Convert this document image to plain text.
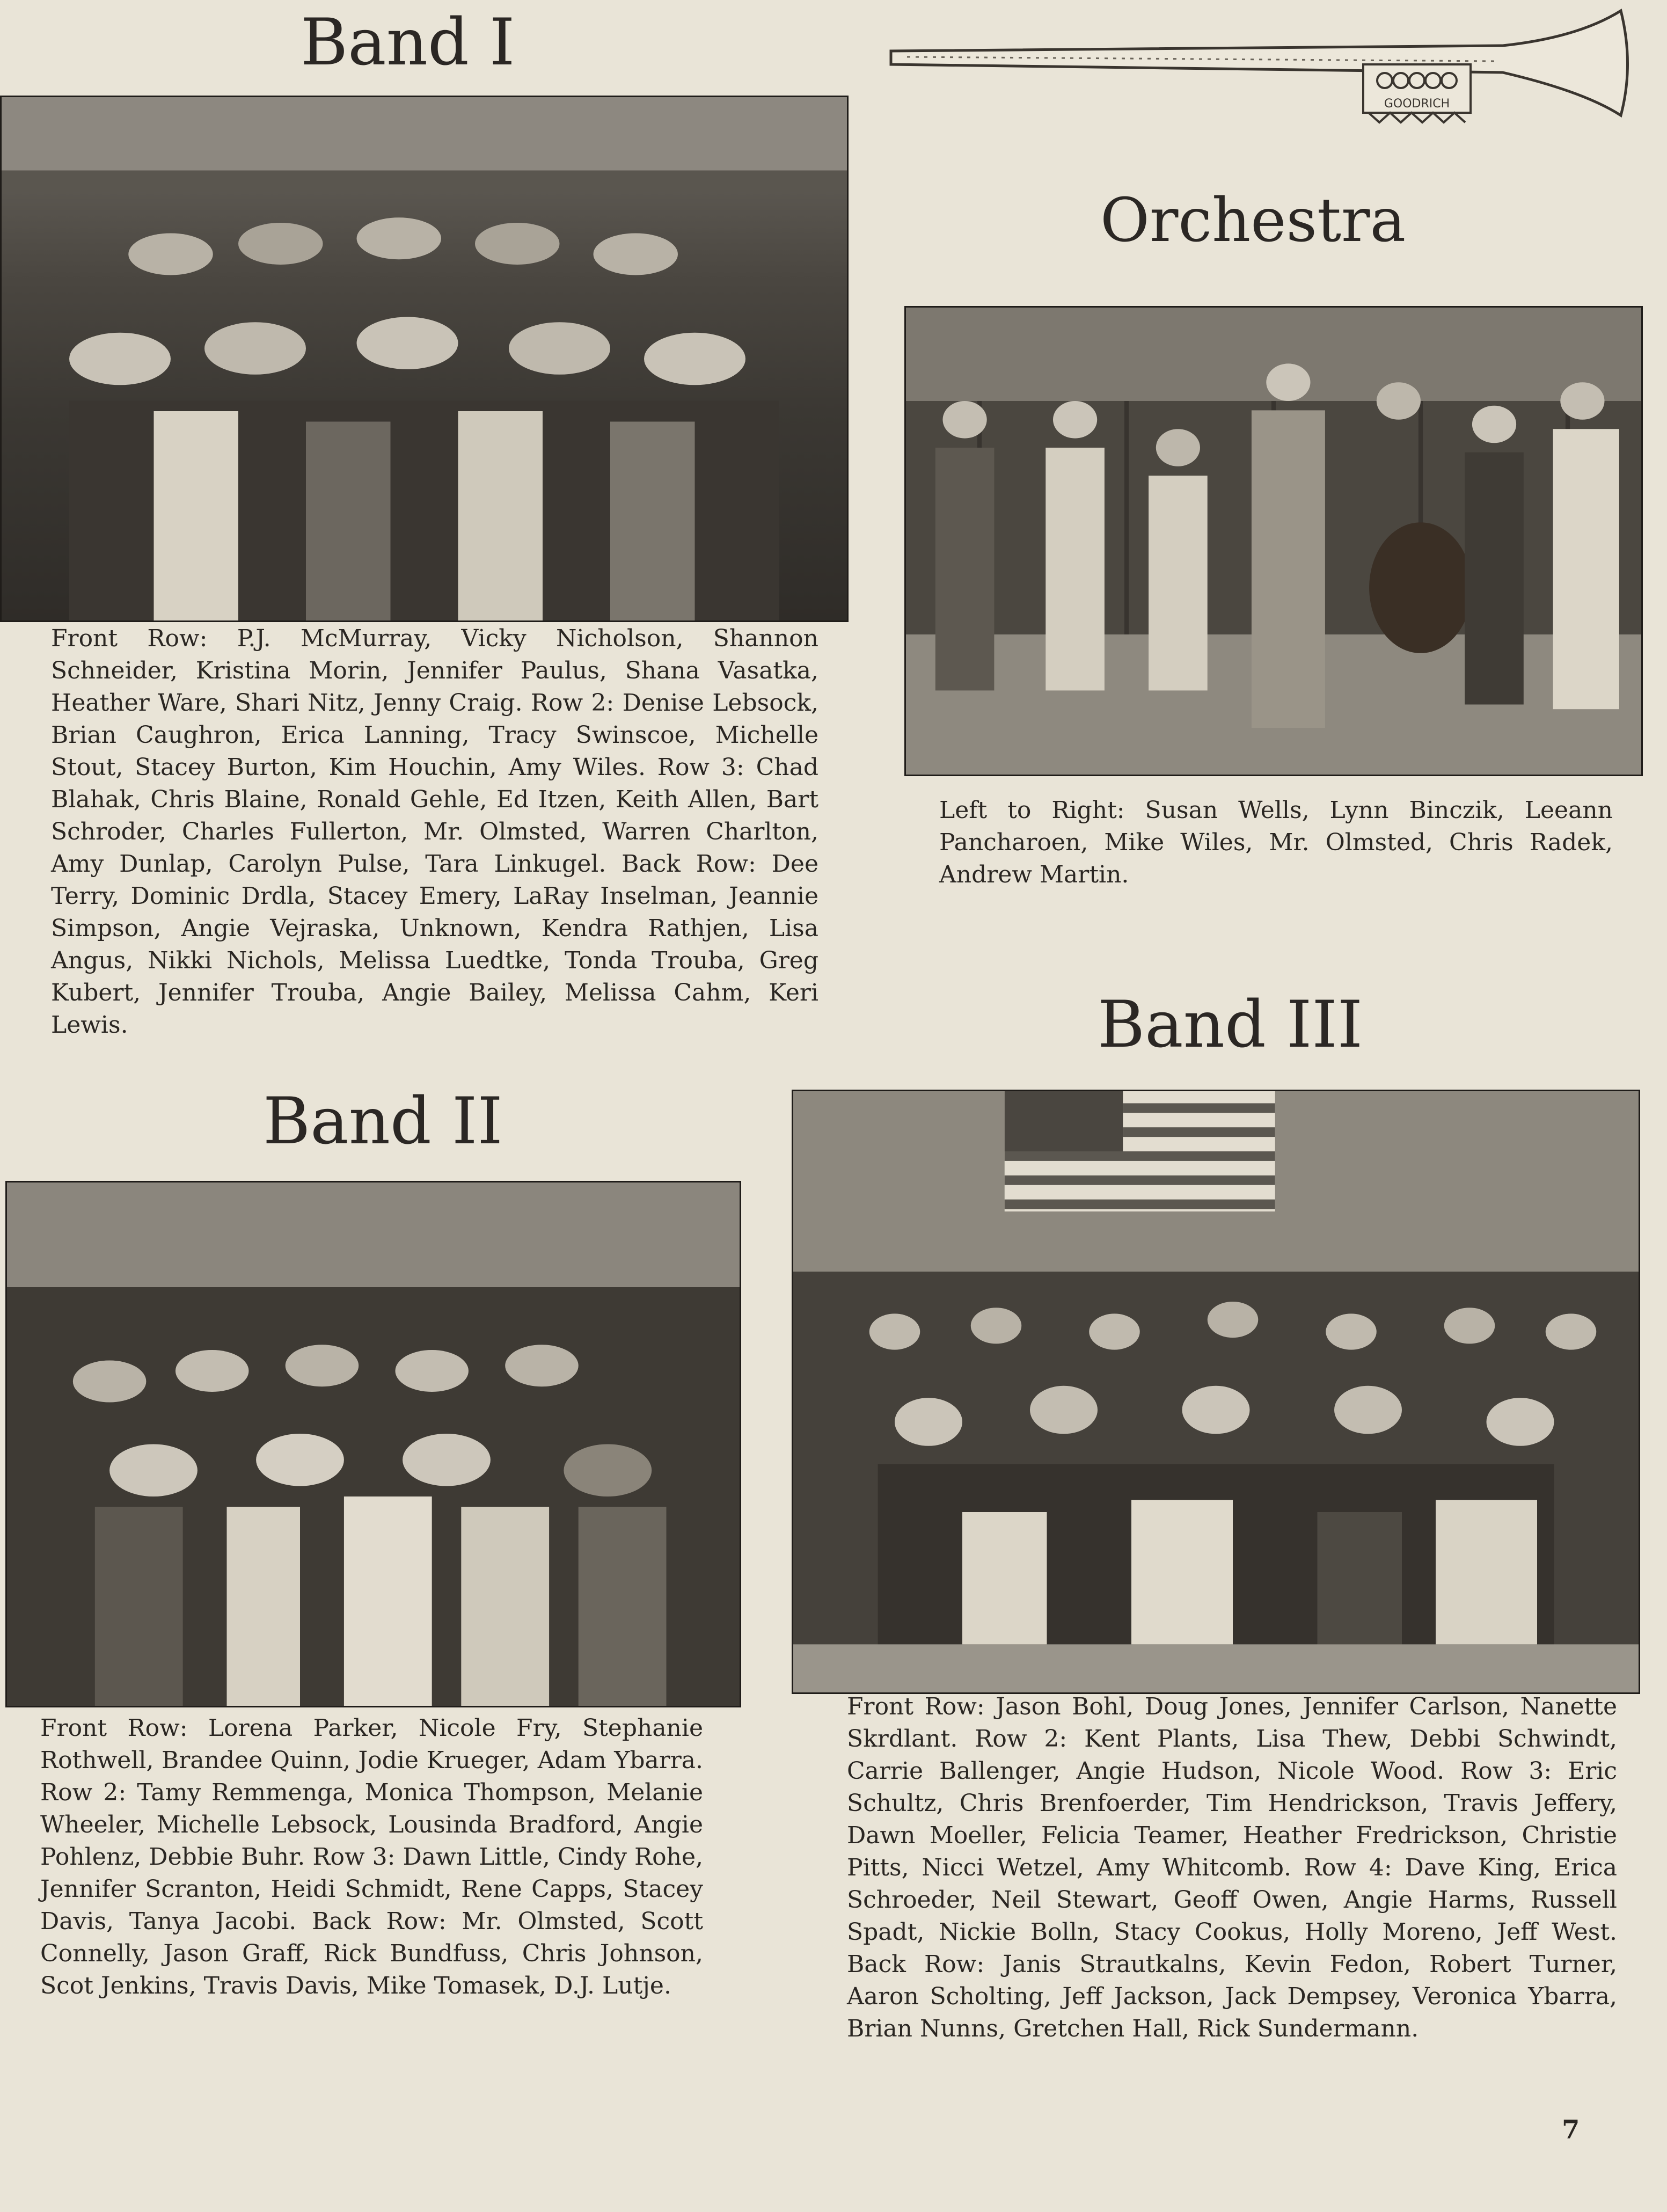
Band I
GOODRICH

Front Row: P.J. McMurray, Vicky Nicholson, Shannon Schneider, Kristina Morin, Jennifer Paulus, Shana Vasatka, Heather Ware, Shari Nitz, Jenny Craig. Row 2: Denise Lebsock, Brian Caughron, Erica Lanning, Tracy Swinscoe, Michelle Stout, Stacey Burton, Kim Houchin, Amy Wiles. Row 3: Chad Blahak, Chris Blaine, Ronald Gehle, Ed Itzen, Keith Allen, Bart Schroder, Charles Fullerton, Mr. Olmsted, Warren Charlton, Amy Dunlap, Carolyn Pulse, Tara Linkugel. Back Row: Dee Terry, Dominic Drdla, Stacey Emery, LaRay Inselman, Jeannie Simpson, Angie Vejraska, Unknown, Kendra Rathjen, Lisa Angus, Nikki Nichols, Melissa Luedtke, Tonda Trouba, Greg Kubert, Jennifer Trouba, Angie Bailey, Melissa Cahm, Keri Lewis.

Orchestra

Left to Right: Susan Wells, Lynn Binczik, Leeann Pancharoen, Mike Wiles, Mr. Olmsted, Chris Radek, Andrew Martin.

Band III
Band II

Front Row: Lorena Parker, Nicole Fry, Stephanie Rothwell, Brandee Quinn, Jodie Krueger, Adam Ybarra. Row 2: Tamy Remmenga, Monica Thompson, Melanie Wheeler, Michelle Lebsock, Lousinda Bradford, Angie Pohlenz, Debbie Buhr. Row 3: Dawn Little, Cindy Rohe, Jennifer Scranton, Heidi Schmidt, Rene Capps, Stacey Davis, Tanya Jacobi. Back Row: Mr. Olmsted, Scott Connelly, Jason Graff, Rick Bundfuss, Chris Johnson, Scot Jenkins, Travis Davis, Mike Tomasek, D.J. Lutje.

Front Row: Jason Bohl, Doug Jones, Jennifer Carlson, Nanette Skrdlant. Row 2: Kent Plants, Lisa Thew, Debbi Schwindt, Carrie Ballenger, Angie Hudson, Nicole Wood. Row 3: Eric Schultz, Chris Brenfoerder, Tim Hendrickson, Travis Jeffery, Dawn Moeller, Felicia Teamer, Heather Fredrickson, Christie Pitts, Nicci Wetzel, Amy Whitcomb. Row 4: Dave King, Erica Schroeder, Neil Stewart, Geoff Owen, Angie Harms, Russell Spadt, Nickie Bolln, Stacy Cookus, Holly Moreno, Jeff West. Back Row: Janis Strautkalns, Kevin Fedon, Robert Turner, Aaron Scholting, Jeff Jackson, Jack Dempsey, Veronica Ybarra, Brian Nunns, Gretchen Hall, Rick Sundermann.

7
